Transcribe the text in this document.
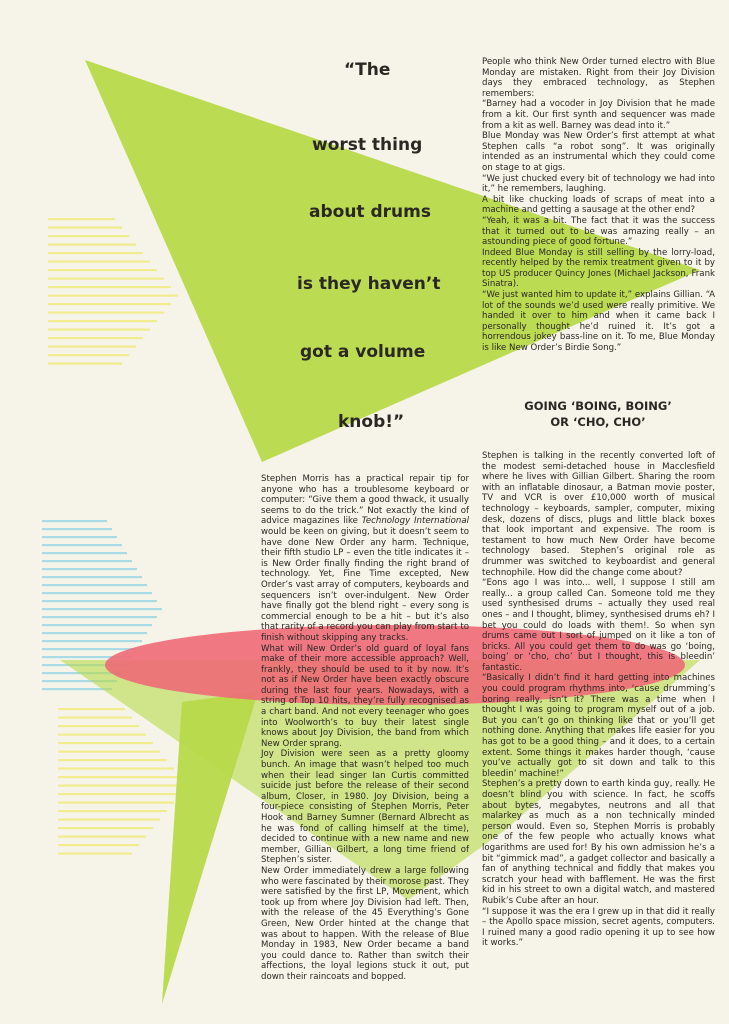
“The
worst thing
about drums
is they haven’t
got a volume
knob!”

People who think New Order turned electro with Blue Monday are mistaken. Right from their Joy Division days they embraced technology, as Stephen remembers:

“Barney had a vocoder in Joy Division that he made from a kit. Our first synth and sequencer was made from a kit as well. Barney was dead into it.”

Blue Monday was New Order’s first attempt at what Stephen calls “a robot song”. It was originally intended as an instrumental which they could come on stage to at gigs.

“We just chucked every bit of technology we had into it,” he remembers, laughing.

A bit like chucking loads of scraps of meat into a machine and getting a sausage at the other end?

“Yeah, it was a bit. The fact that it was the success that it turned out to be was amazing really – an astounding piece of good fortune.”

Indeed Blue Monday is still selling by the lorry-load, recently helped by the remix treatment given to it by top US producer Quincy Jones (Michael Jackson, Frank Sinatra).

“We just wanted him to update it,” explains Gillian. “A lot of the sounds we’d used were really primitive. We handed it over to him and when it came back I personally thought he’d ruined it. It’s got a horrendous jokey bass-line on it. To me, Blue Monday is like New Order’s Birdie Song.”

GOING ‘BOING, BOING’
OR ‘CHO, CHO’

Stephen is talking in the recently converted loft of the modest semi-detached house in Macclesfield where he lives with Gillian Gilbert. Sharing the room with an inflatable dinosaur, a Batman movie poster, TV and VCR is over £10,000 worth of musical technology – keyboards, sampler, computer, mixing desk, dozens of discs, plugs and little black boxes that look important and expensive. The room is testament to how much New Order have become technology based. Stephen’s original role as drummer was switched to keyboardist and general technophile. How did the change come about?

“Eons ago I was into... well, I suppose I still am really... a group called Can. Someone told me they used synthesised drums – actually they used real ones – and I thought, blimey, synthesised drums eh? I bet you could do loads with them!. So when syn drums came out I sort of jumped on it like a ton of bricks. All you could get them to do was go ‘boing, boing’ or ‘cho, cho’ but I thought, this is bleedin’ fantastic.

“Basically I didn’t find it hard getting into machines you could program rhythms into, ‘cause drumming’s boring really, isn’t it? There was a time when I thought I was going to program myself out of a job. But you can’t go on thinking like that or you’ll get nothing done. Anything that makes life easier for you has got to be a good thing – and it does, to a certain extent. Some things it makes harder though, ‘cause you’ve actually got to sit down and talk to this bleedin’ machine!”

Stephen’s a pretty down to earth kinda guy, really. He doesn’t blind you with science. In fact, he scoffs about bytes, megabytes, neutrons and all that malarkey as much as a non technically minded person would. Even so, Stephen Morris is probably one of the few people who actually knows what logarithms are used for! By his own admission he’s a bit “gimmick mad”, a gadget collector and basically a fan of anything technical and fiddly that makes you scratch your head with bafflement. He was the first kid in his street to own a digital watch, and mastered Rubik’s Cube after an hour.

“I suppose it was the era I grew up in that did it really – the Apollo space mission, secret agents, computers. I ruined many a good radio opening it up to see how it works.”

Stephen Morris has a practical repair tip for anyone who has a troublesome keyboard or computer: “Give them a good thwack, it usually seems to do the trick.” Not exactly the kind of advice magazines like Technology International would be keen on giving, but it doesn’t seem to have done New Order any harm. Technique, their fifth studio LP – even the title indicates it – is New Order finally finding the right brand of technology. Yet, Fine Time excepted, New Order’s vast array of computers, keyboards and sequencers isn’t over-indulgent. New Order have finally got the blend right – every song is commercial enough to be a hit – but it’s also that rarity of a record you can play from start to finish without skipping any tracks.

What will New Order’s old guard of loyal fans make of their more accessible approach? Well, frankly, they should be used to it by now. It’s not as if New Order have been exactly obscure during the last four years. Nowadays, with a string of Top 10 hits, they’re fully recognised as a chart band. And not every teenager who goes into Woolworth’s to buy their latest single knows about Joy Division, the band from which New Order sprang.

Joy Division were seen as a pretty gloomy bunch. An image that wasn’t helped too much when their lead singer Ian Curtis committed suicide just before the release of their second album, Closer, in 1980. Joy Division, being a four-piece consisting of Stephen Morris, Peter Hook and Barney Sumner (Bernard Albrecht as he was fond of calling himself at the time), decided to continue with a new name and new member, Gillian Gilbert, a long time friend of Stephen’s sister.

New Order immediately drew a large following who were fascinated by their morose past. They were satisfied by the first LP, Movement, which took up from where Joy Division had left. Then, with the release of the 45 Everything’s Gone Green, New Order hinted at the change that was about to happen. With the release of Blue Monday in 1983, New Order became a band you could dance to. Rather than switch their affections, the loyal legions stuck it out, put down their raincoats and bopped.
